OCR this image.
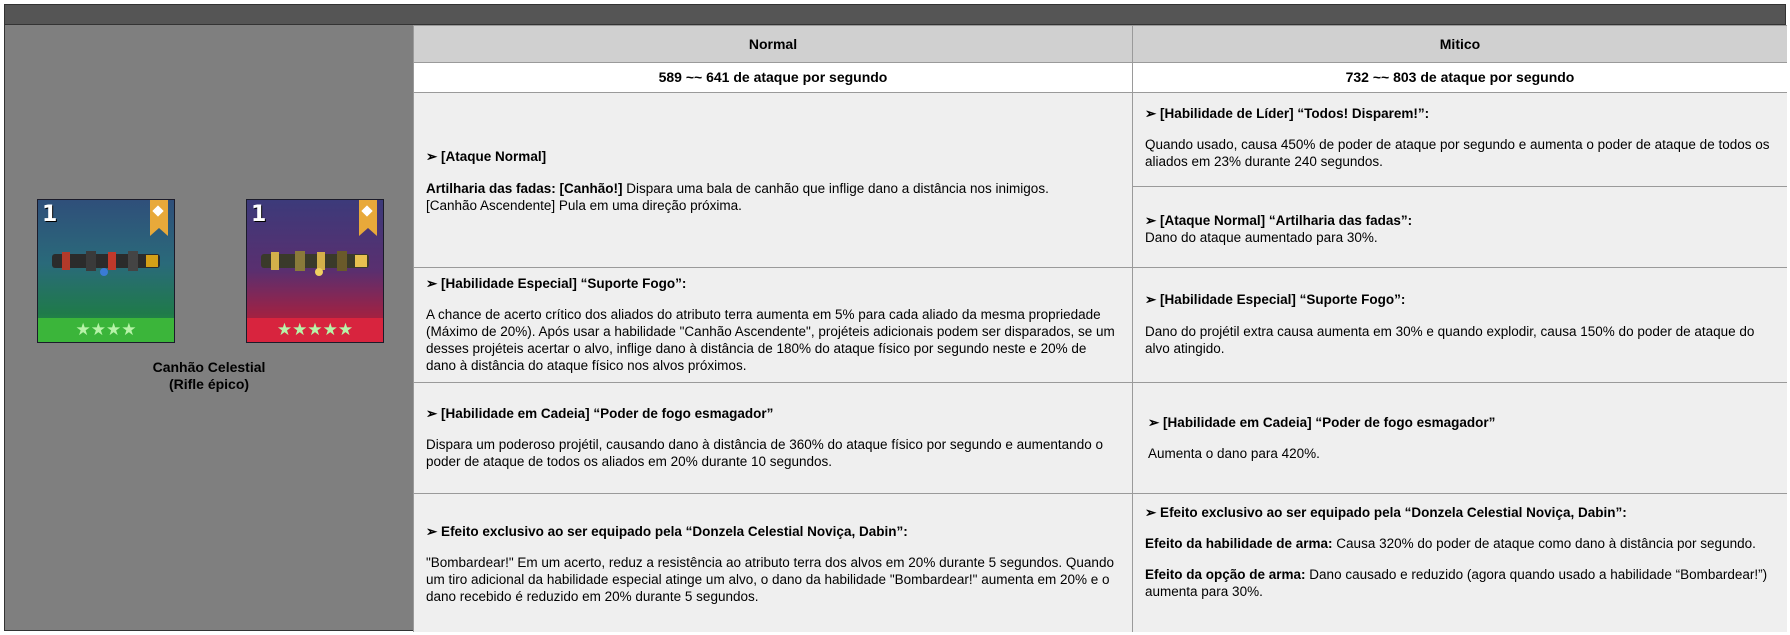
1
★★★★
1
★★★★★
Canhão Celestial
(Rifle épico)
Normal
589 ~~ 641 de ataque por segundo

➢ [Ataque Normal]

Artilharia das fadas: [Canhão!] Dispara uma bala de canhão que inflige dano a distância nos inimigos.

[Canhão Ascendente] Pula em uma direção próxima.

➢ [Habilidade Especial] “Suporte Fogo”:

A chance de acerto crítico dos aliados do atributo terra aumenta em 5% para cada aliado da mesma propriedade (Máximo de 20%). Após usar a habilidade "Canhão Ascendente", projéteis adicionais podem ser disparados, se um desses projéteis acertar o alvo, inflige dano à distância de 180% do ataque físico por segundo neste e 20% de dano à distância do ataque físico nos alvos próximos.

➢ [Habilidade em Cadeia] “Poder de fogo esmagador”

Dispara um poderoso projétil, causando dano à distância de 360% do ataque físico por segundo e aumentando o poder de ataque de todos os aliados em 20% durante 10 segundos.

➢ Efeito exclusivo ao ser equipado pela “Donzela Celestial Noviça, Dabin”:

"Bombardear!" Em um acerto, reduz a resistência ao atributo terra dos alvos em 20% durante 5 segundos. Quando um tiro adicional da habilidade especial atinge um alvo, o dano da habilidade "Bombardear!" aumenta em 20% e o dano recebido é reduzido em 20% durante 5 segundos.

Mitico
732 ~~ 803 de ataque por segundo

➢ [Habilidade de Líder] “Todos! Disparem!”:

Quando usado, causa 450% de poder de ataque por segundo e aumenta o poder de ataque de todos os aliados em 23% durante 240 segundos.

➢ [Ataque Normal] “Artilharia das fadas”:

Dano do ataque aumentado para 30%.

➢ [Habilidade Especial] “Suporte Fogo”:

Dano do projétil extra causa aumenta em 30% e quando explodir, causa 150% do poder de ataque do alvo atingido.

➢ [Habilidade em Cadeia] “Poder de fogo esmagador”

Aumenta o dano para 420%.

➢ Efeito exclusivo ao ser equipado pela “Donzela Celestial Noviça, Dabin”:

Efeito da habilidade de arma: Causa 320% do poder de ataque como dano à distância por segundo.

Efeito da opção de arma: Dano causado e reduzido (agora quando usado a habilidade “Bombardear!”) aumenta para 30%.
